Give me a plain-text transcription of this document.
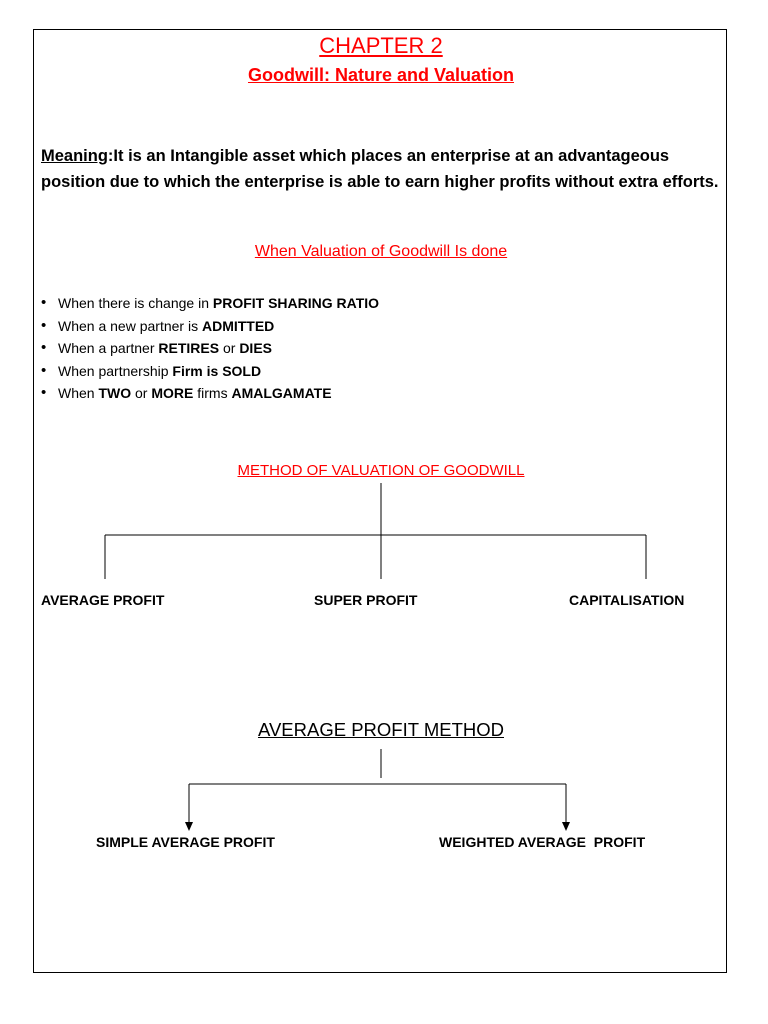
CHAPTER 2
Goodwill: Nature and Valuation
Meaning:It is an Intangible asset which places an enterprise at an advantageous position due to which the enterprise is able to earn higher profits without extra efforts.
When Valuation of Goodwill Is done
• When there is change in PROFIT SHARING RATIO
• When a new partner is ADMITTED
• When a partner RETIRES or DIES
• When partnership Firm is SOLD
• When TWO or MORE firms AMALGAMATE
METHOD OF VALUATION OF GOODWILL
AVERAGE PROFIT	SUPER PROFIT	CAPITALISATION
AVERAGE PROFIT METHOD
SIMPLE AVERAGE PROFIT	WEIGHTED AVERAGE  PROFIT
